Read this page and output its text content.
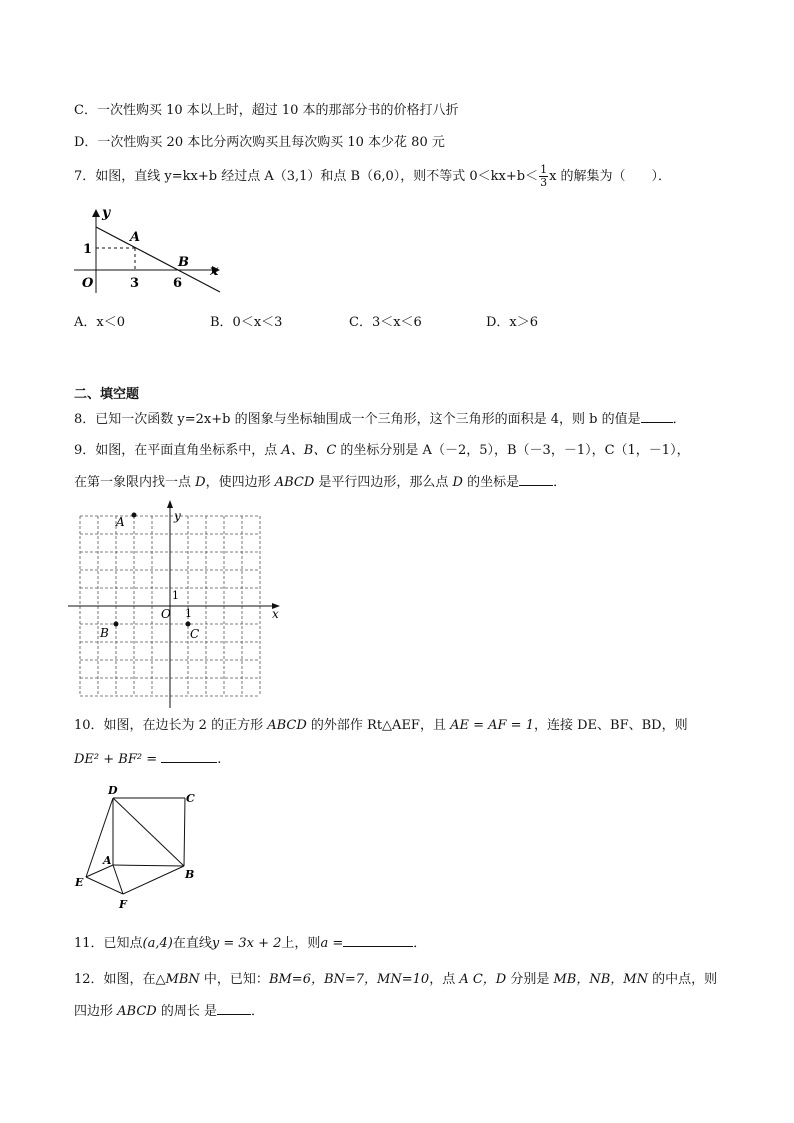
C．一次性购买 10 本以上时，超过 10 本的那部分书的价格打八折
D．一次性购买 20 本比分两次购买且每次购买 10 本少花 80 元
7．如图，直线 y=kx+b 经过点 A（3,1）和点 B（6,0），则不等式 $0<kx+b< \frac{1}{3}$ x 的解集为（　　）．
y
x
O
A
B
1
3	6
A．x＜0	B．0＜x＜3	C．3＜x＜6	D．x＞6
二、填空题
8．已知一次函数 y=2x+b 的图象与坐标轴围成一个三角形，这个三角形的面积是 4，则 b 的值是 ．
9．如图，在平面直角坐标系中，点 A、B、C 的坐标分别是 A（－2，5），B（－3，－1），C（1，－1），
在第一象限内找一点 D，使四边形 ABCD 是平行四边形，那么点 D 的坐标是	．
A
B	C
y
x
O
1
1
10．如图，在边长为 2 的正方形 ABCD 的外部作 Rt△AEF，且 AE = AF = 1，连接 DE、BF、BD，则
DE² + BF² =	.
D
C
A
B
E
F
11．已知点(a,4)在直线y = 3x + 2上，则a =	．
12．如图，在△MBN 中，已知：BM=6，BN=7，MN=10，点 A C，D 分别是 MB，NB，MN 的中点，则
四边形 ABCD 的周长 是	．
